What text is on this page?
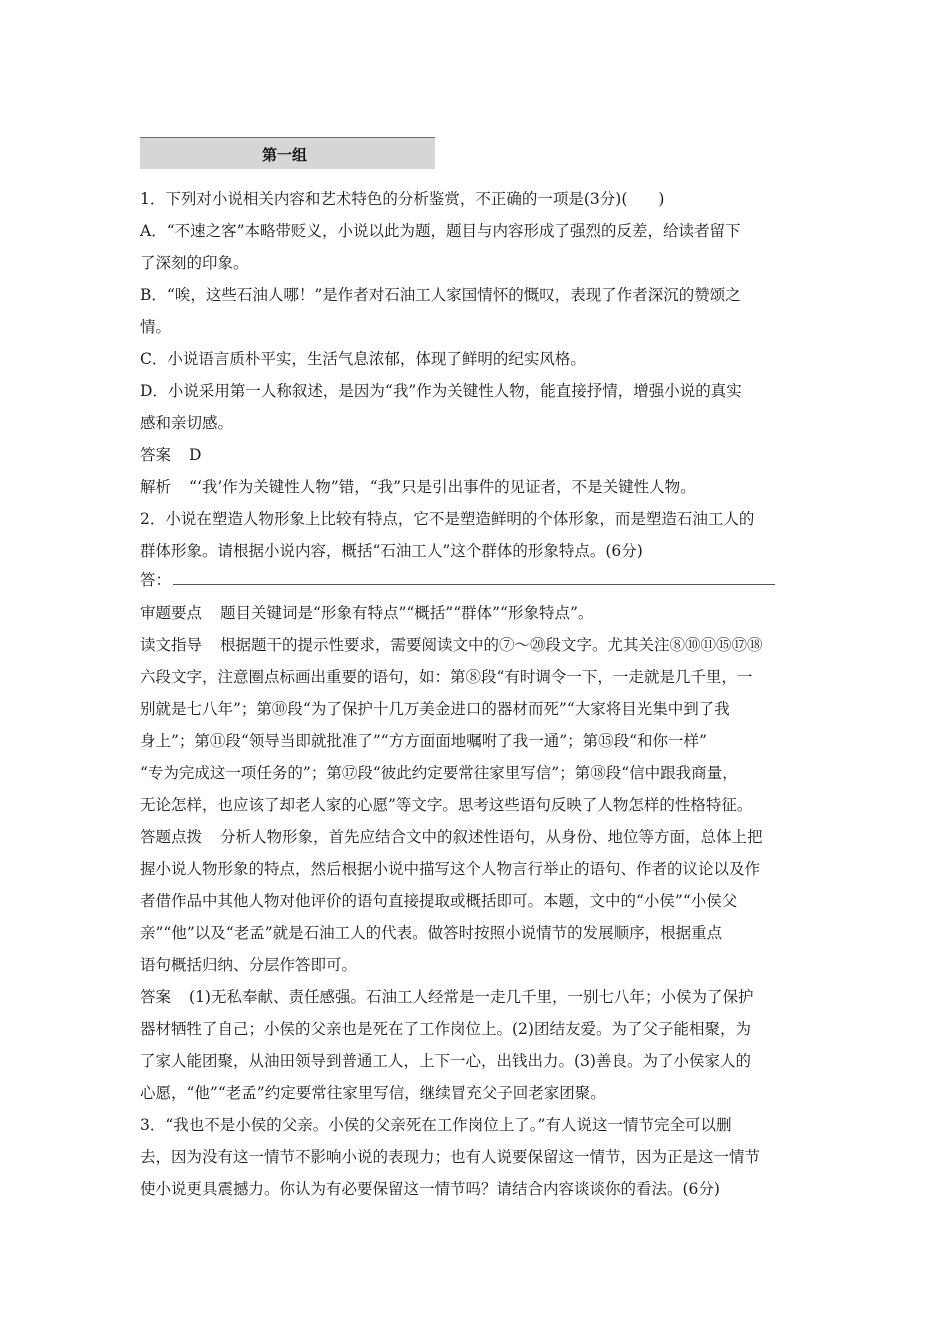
第一组
1．下列对小说相关内容和艺术特色的分析鉴赏，不正确的一项是(3分)(　　)
A．“不速之客”本略带贬义，小说以此为题，题目与内容形成了强烈的反差，给读者留下
了深刻的印象。
B．“唉，这些石油人哪！”是作者对石油工人家国情怀的慨叹，表现了作者深沉的赞颂之
情。
C．小说语言质朴平实，生活气息浓郁，体现了鲜明的纪实风格。
D．小说采用第一人称叙述，是因为“我”作为关键性人物，能直接抒情，增强小说的真实
感和亲切感。
答案 D
解析 “‘我’作为关键性人物”错，“我”只是引出事件的见证者，不是关键性人物。
2．小说在塑造人物形象上比较有特点，它不是塑造鲜明的个体形象，而是塑造石油工人的
群体形象。请根据小说内容，概括“石油工人”这个群体的形象特点。(6分)
答：
审题要点 题目关键词是“形象有特点”“概括”“群体”“形象特点”。
读文指导 根据题干的提示性要求，需要阅读文中的⑦～⑳段文字。尤其关注⑧⑩⑪⑮⑰⑱
六段文字，注意圈点标画出重要的语句，如：第⑧段“有时调令一下，一走就是几千里，一
别就是七八年”；第⑩段“为了保护十几万美金进口的器材而死”“大家将目光集中到了我
身上”；第⑪段“领导当即就批准了”“方方面面地嘱咐了我一通”；第⑮段“和你一样”
“专为完成这一项任务的”；第⑰段“彼此约定要常往家里写信”；第⑱段“信中跟我商量，
无论怎样，也应该了却老人家的心愿”等文字。思考这些语句反映了人物怎样的性格特征。
答题点拨 分析人物形象，首先应结合文中的叙述性语句，从身份、地位等方面，总体上把
握小说人物形象的特点，然后根据小说中描写这个人物言行举止的语句、作者的议论以及作
者借作品中其他人物对他评价的语句直接提取或概括即可。本题，文中的“小侯”“小侯父
亲”“他”以及“老孟”就是石油工人的代表。做答时按照小说情节的发展顺序，根据重点
语句概括归纳、分层作答即可。
答案 (1)无私奉献、责任感强。石油工人经常是一走几千里，一别七八年；小侯为了保护
器材牺牲了自己；小侯的父亲也是死在了工作岗位上。(2)团结友爱。为了父子能相聚，为
了家人能团聚，从油田领导到普通工人，上下一心，出钱出力。(3)善良。为了小侯家人的
心愿，“他”“老孟”约定要常往家里写信，继续冒充父子回老家团聚。
3．“我也不是小侯的父亲。小侯的父亲死在工作岗位上了。”有人说这一情节完全可以删
去，因为没有这一情节不影响小说的表现力；也有人说要保留这一情节，因为正是这一情节
使小说更具震撼力。你认为有必要保留这一情节吗？请结合内容谈谈你的看法。(6分)
